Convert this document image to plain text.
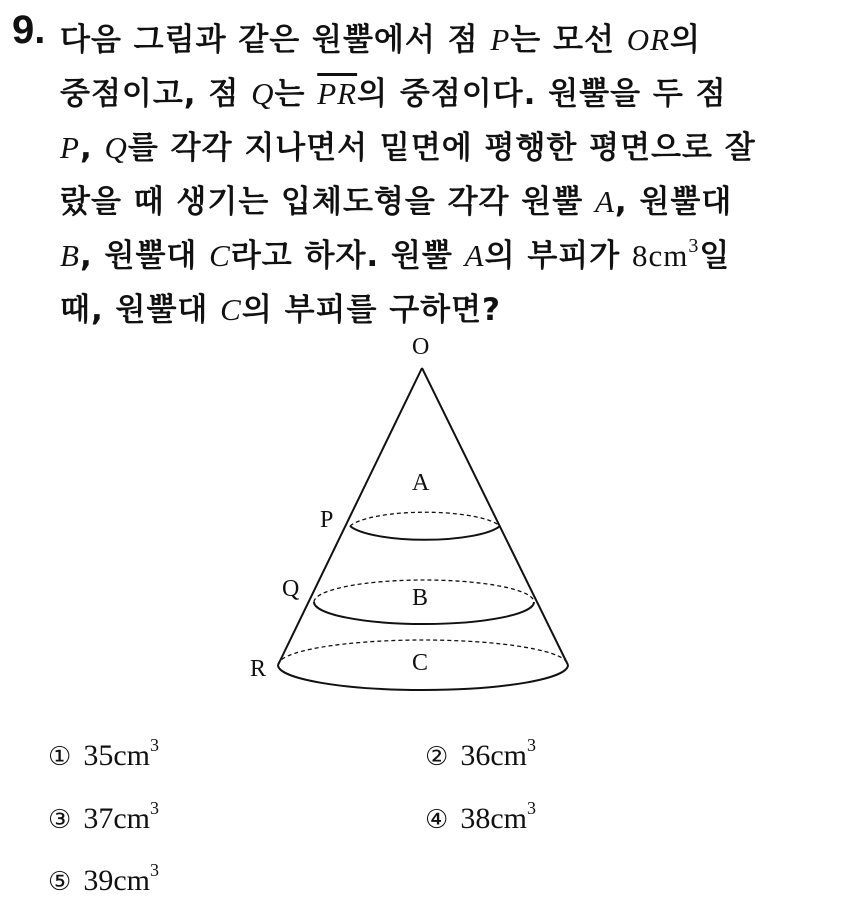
9. 다음 그림과 같은 원뿔에서 점 P는 모선 OR의
중점이고, 점 Q는 $\overline{PR}$의 중점이다. 원뿔을 두 점
P, Q를 각각 지나면서 밑면에 평행한 평면으로 잘
랐을 때 생기는 입체도형을 각각 원뿔 A, 원뿔대
B, 원뿔대 C라고 하자. 원뿔 A의 부피가 $8cm^3$일
때, 원뿔대 C의 부피를 구하면?
O
P
Q
R
A
B
C
① $35cm^3$	② $36cm^3$
③ $37cm^3$	④ $38cm^3$
⑤ $39cm^3$
